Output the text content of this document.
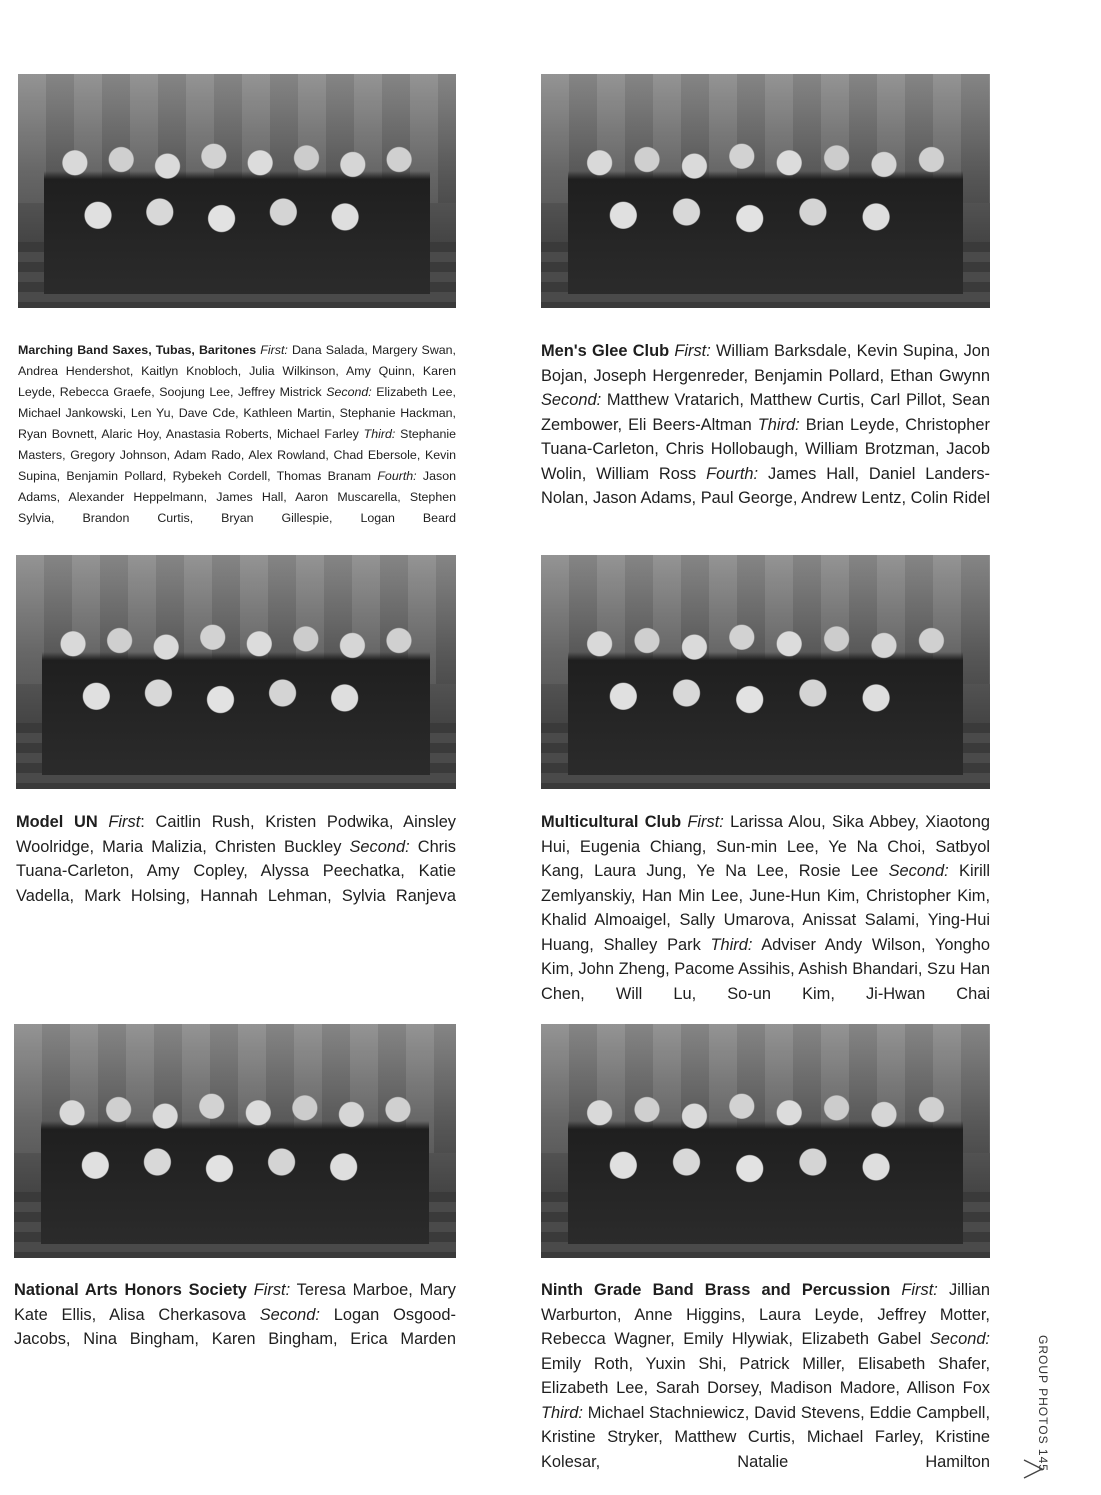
Marching Band Saxes, Tubas, Baritones First: Dana Salada, Margery Swan, Andrea Hendershot, Kaitlyn Knobloch, Julia Wilkinson, Amy Quinn, Karen Leyde, Rebecca Graefe, Soojung Lee, Jeffrey Mistrick Second: Elizabeth Lee, Michael Jankowski, Len Yu, Dave Cde, Kathleen Martin, Stephanie Hackman, Ryan Bovnett, Alaric Hoy, Anastasia Roberts, Michael Farley Third: Stephanie Masters, Gregory Johnson, Adam Rado, Alex Rowland, Chad Ebersole, Kevin Supina, Benjamin Pollard, Rybekeh Cordell, Thomas Branam Fourth: Jason Adams, Alexander Heppelmann, James Hall, Aaron Muscarella, Stephen Sylvia, Brandon Curtis, Bryan Gillespie, Logan Beard

Men's Glee Club First: William Barksdale, Kevin Supina, Jon Bojan, Joseph Hergenreder, Benjamin Pollard, Ethan Gwynn Second: Matthew Vratarich, Matthew Curtis, Carl Pillot, Sean Zembower, Eli Beers-Altman Third: Brian Leyde, Christopher Tuana-Carleton, Chris Hollobaugh, William Brotzman, Jacob Wolin, William Ross Fourth: James Hall, Daniel Landers-Nolan, Jason Adams, Paul George, Andrew Lentz, Colin Ridel

Model UN First: Caitlin Rush, Kristen Podwika, Ainsley Woolridge, Maria Malizia, Christen Buckley Second: Chris Tuana-Carleton, Amy Copley, Alyssa Peechatka, Katie Vadella, Mark Holsing, Hannah Lehman, Sylvia Ranjeva

Multicultural Club First: Larissa Alou, Sika Abbey, Xiaotong Hui, Eugenia Chiang, Sun-min Lee, Ye Na Choi, Satbyol Kang, Laura Jung, Ye Na Lee, Rosie Lee Second: Kirill Zemlyanskiy, Han Min Lee, June-Hun Kim, Christopher Kim, Khalid Almoaigel, Sally Umarova, Anissat Salami, Ying-Hui Huang, Shalley Park Third: Adviser Andy Wilson, Yongho Kim, John Zheng, Pacome Assihis, Ashish Bhandari, Szu Han Chen, Will Lu, So-un Kim, Ji-Hwan Chai

National Arts Honors Society First: Teresa Marboe, Mary Kate Ellis, Alisa Cherkasova Second: Logan Osgood-Jacobs, Nina Bingham, Karen Bingham, Erica Marden

Ninth Grade Band Brass and Percussion First: Jillian Warburton, Anne Higgins, Laura Leyde, Jeffrey Motter, Rebecca Wagner, Emily Hlywiak, Elizabeth Gabel Second: Emily Roth, Yuxin Shi, Patrick Miller, Elisabeth Shafer, Elizabeth Lee, Sarah Dorsey, Madison Madore, Allison Fox Third: Michael Stachniewicz, David Stevens, Eddie Campbell, Kristine Stryker, Matthew Curtis, Michael Farley, Kristine Kolesar, Natalie Hamilton	GROUP PHOTOS 145
